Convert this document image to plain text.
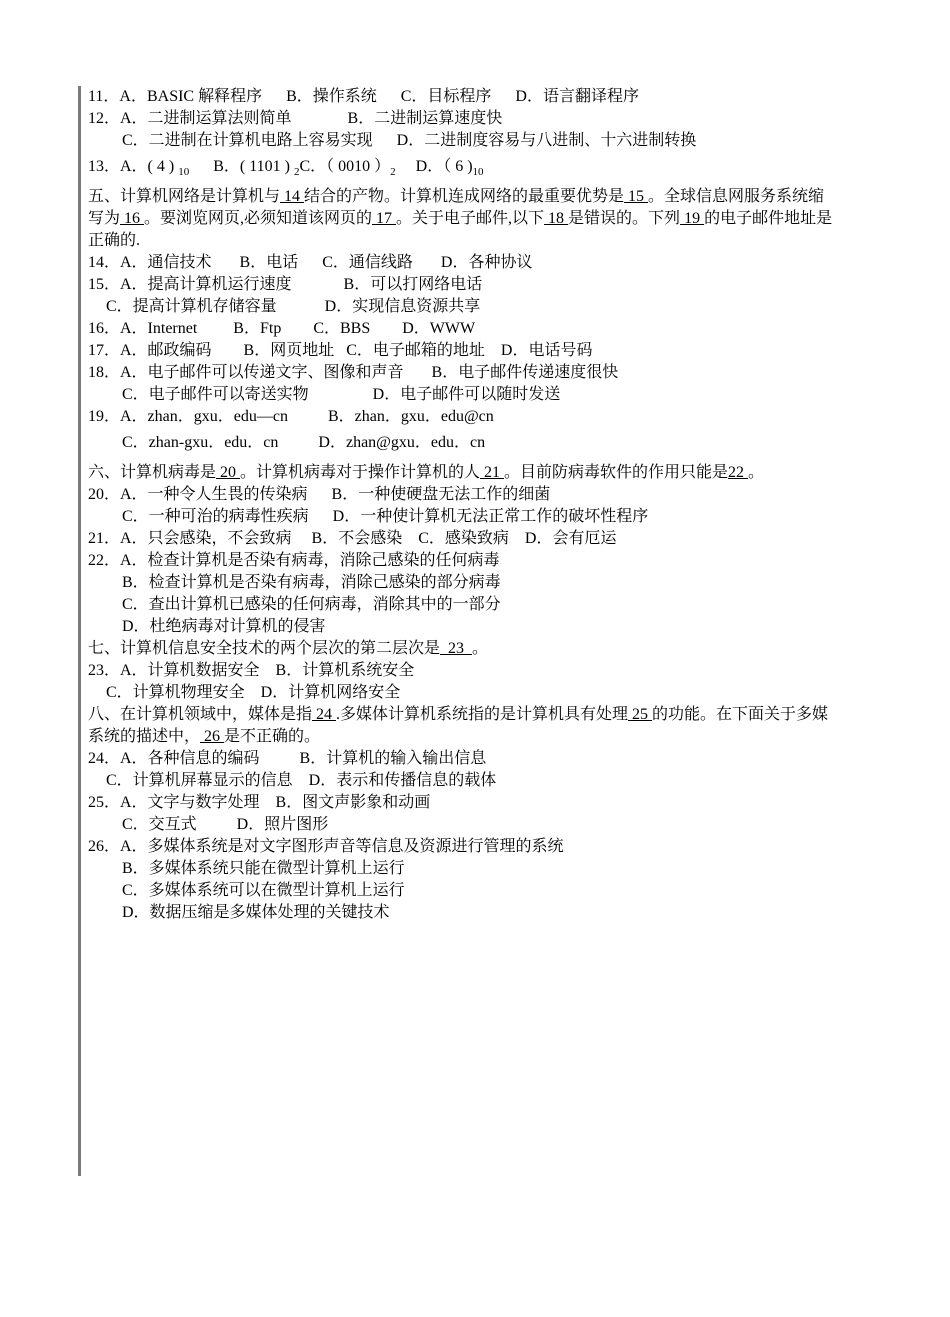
11．A．BASIC 解释程序      B．操作系统      C．目标程序      D．语言翻译程序
12．A．二进制运算法则简单              B．二进制运算速度快
C．二进制在计算机电路上容易实现      D．二进制度容易与八进制、十六进制转换
13．A．( 4 ) $_{10}$      B．( 1101 ) $_2$C．（ 0010 ）$_2$     D．（ 6 )$_{10}$
五、计算机网络是计算机与 14 结合的产物。计算机连成网络的最重要优势是 15 。全球信息网服务系统缩写为 16 。要浏览网页,必须知道该网页的 17 。关于电子邮件,以下 18 是错误的。下列 19 的电子邮件地址是正确的.
14．A．通信技术       B．电话      C．通信线路       D．各种协议
15．A．提高计算机运行速度             B．可以打网络电话
C．提高计算机存储容量            D．实现信息资源共享
16．A．Internet         B．Ftp        C．BBS        D．WWW
17．A．邮政编码        B．网页地址   C．电子邮箱的地址    D．电话号码
18．A．电子邮件可以传递文字、图像和声音       B．电子邮件传递速度很快
C．电子邮件可以寄送实物                D．电子邮件可以随时发送
19．A．zhan．gxu．edu—cn          B．zhan．gxu．edu@cn
C．zhan-gxu．edu．cn          D．zhan@gxu．edu．cn
六、计算机病毒是 20 。计算机病毒对于操作计算机的人 21 。目前防病毒软件的作用只能是22 。
20．A．一种令人生畏的传染病      B．一种使硬盘无法工作的细菌
C．一种可治的病毒性疾病      D．一种使计算机无法正常工作的破坏性程序
21．A．只会感染，不会致病     B．不会感染    C．感染致病    D．会有厄运
22．A．检查计算机是否染有病毒，消除己感染的任何病毒
B．检查计算机是否染有病毒，消除己感染的部分病毒
C．查出计算机已感染的任何病毒，消除其中的一部分
D．杜绝病毒对计算机的侵害
七、计算机信息安全技术的两个层次的第二层次是  23  。
23．A．计算机数据安全    B．计算机系统安全
C．计算机物理安全    D．计算机网络安全
八、在计算机领域中，媒体是指 24 .多媒体计算机系统指的是计算机具有处理 25 的功能。在下面关于多媒系统的描述中， 26 是不正确的。
24．A．各种信息的编码          B．计算机的输入输出信息
C．计算机屏幕显示的信息    D．表示和传播信息的载体
25．A．文字与数字处理    B．图文声影象和动画
C．交互式          D．照片图形
26．A．多媒体系统是对文字图形声音等信息及资源进行管理的系统
B．多媒体系统只能在微型计算机上运行
C．多媒体系统可以在微型计算机上运行
D．数据压缩是多媒体处理的关键技术
